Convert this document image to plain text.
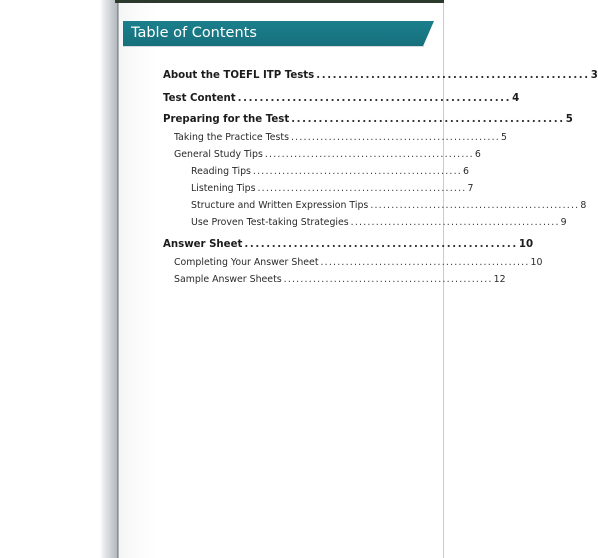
Table of Contents
About the TOEFL ITP Tests .................................................. 3
Test Content .................................................. 4
Preparing for the Test .................................................. 5
Taking the Practice Tests .................................................. 5
General Study Tips .................................................. 6
Reading Tips .................................................. 6
Listening Tips .................................................. 7
Structure and Written Expression Tips .................................................. 8
Use Proven Test-taking Strategies .................................................. 9
Answer Sheet .................................................. 10
Completing Your Answer Sheet .................................................. 10
Sample Answer Sheets .................................................. 12
